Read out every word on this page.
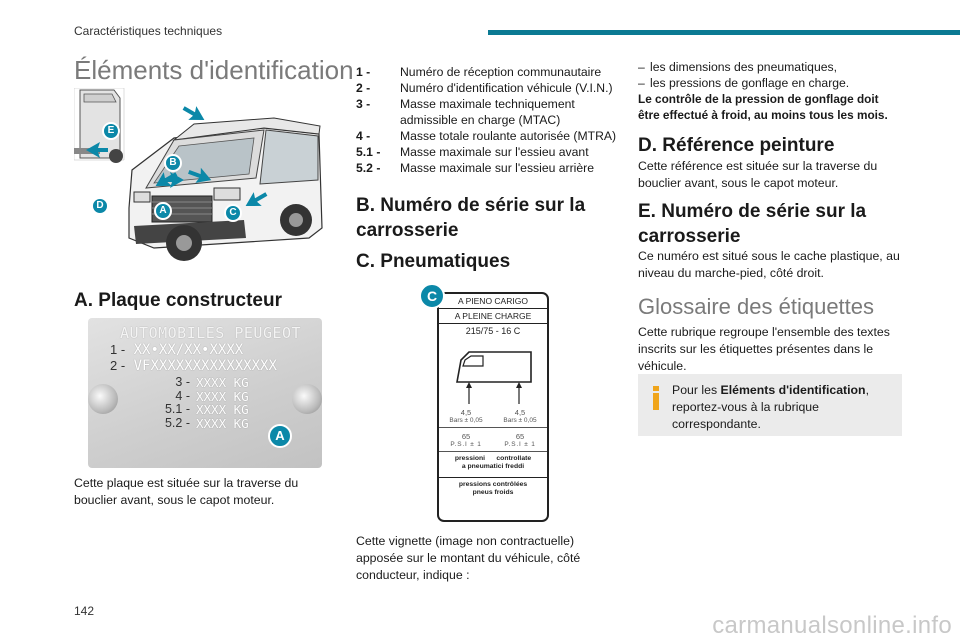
Caractéristiques techniques
Éléments d'identification
E
B
D	A	C
A. Plaque constructeur
AUTOMOBILES PEUGEOT
1 - XX•XX/XX•XXXX
2 - VFXXXXXXXXXXXXXXX
3 - XXXX KG
4 - XXXX KG
5.1 - XXXX KG
5.2 - XXXX KG
A

Cette plaque est située sur la traverse du bouclier avant, sous le capot moteur.

1 -	Numéro de réception communautaire
2 -	Numéro d'identification véhicule (V.I.N.)
3 -	Masse maximale techniquement admissible en charge (MTAC)
4 -	Masse totale roulante autorisée (MTRA)
5.1 -	Masse maximale sur l'essieu avant
5.2 -	Masse maximale sur l'essieu arrière
B. Numéro de série sur la carrosserie
C. Pneumatiques
A PIENO CARIGO
A PLEINE CHARGE
215/75 - 16 C
4,5	4,5
Bars ± 0,05	Bars ± 0,05
65	65
P.S.I ± 1	P.S.I ± 1
pressioni      controllate
a pneumatici freddi
pressions contrôlées
pneus froids
C

Cette vignette (image non contractuelle) apposée sur le montant du véhicule, côté conducteur, indique :

– les dimensions des pneumatiques,
– les pressions de gonflage en charge.

Le contrôle de la pression de gonflage doit être effectué à froid, au moins tous les mois.

D. Référence peinture

Cette référence est située sur la traverse du bouclier avant, sous le capot moteur.

E. Numéro de série sur la carrosserie

Ce numéro est situé sous le cache plastique, au niveau du marche-pied, côté droit.

Glossaire des étiquettes

Cette rubrique regroupe l'ensemble des textes inscrits sur les étiquettes présentes dans le véhicule.

Pour les Eléments d'identification, reportez-vous à la rubrique correspondante.
142
carmanualsonline.info
